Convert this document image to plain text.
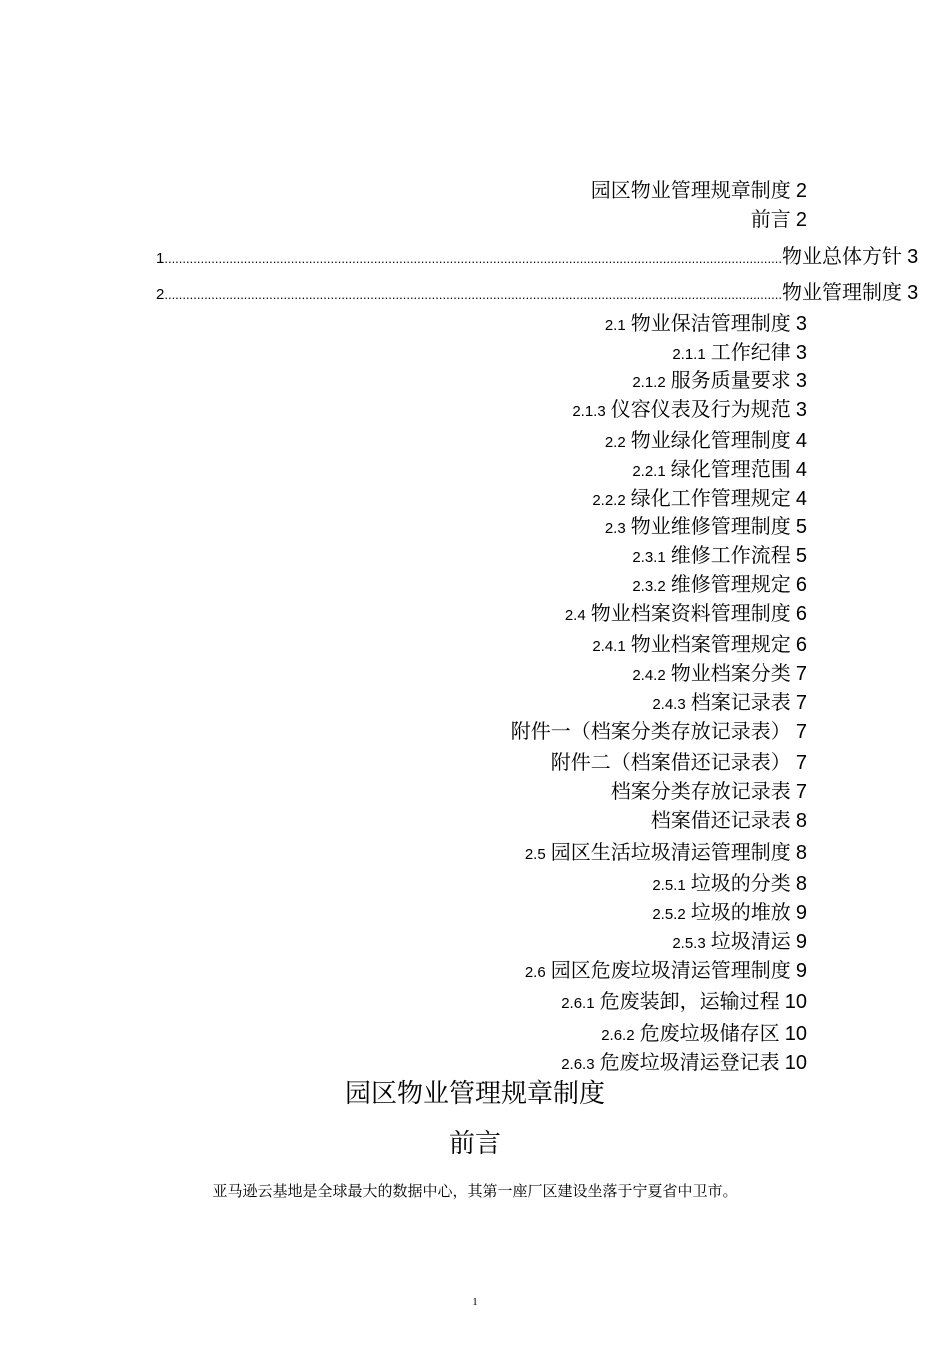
园区物业管理规章制度 2
前言 2
1 ........................................................................................................................................................................... 物业总体方针
3
2 ........................................................................................................................................................................... 物业管理制度
3
2.1 物业保洁管理制度 3
2.1.1 工作纪律 3
2.1.2 服务质量要求 3
2.1.3 仪容仪表及行为规范 3
2.2 物业绿化管理制度 4
2.2.1 绿化管理范围 4
2.2.2 绿化工作管理规定 4
2.3 物业维修管理制度 5
2.3.1 维修工作流程 5
2.3.2 维修管理规定 6
2.4 物业档案资料管理制度 6
2.4.1 物业档案管理规定 6
2.4.2 物业档案分类 7
2.4.3 档案记录表 7
附件一（档案分类存放记录表） 7
附件二（档案借还记录表） 7
档案分类存放记录表 7
档案借还记录表 8
2.5 园区生活垃圾清运管理制度 8
2.5.1 垃圾的分类 8
2.5.2 垃圾的堆放 9
2.5.3 垃圾清运 9
2.6 园区危废垃圾清运管理制度 9
2.6.1 危废装卸，运输过程 10
2.6.2 危废垃圾储存区 10
2.6.3 危废垃圾清运登记表 10
园区物业管理规章制度
前言
亚马逊云基地是全球最大的数据中心，其第一座厂区建设坐落于宁夏省中卫市。
1
